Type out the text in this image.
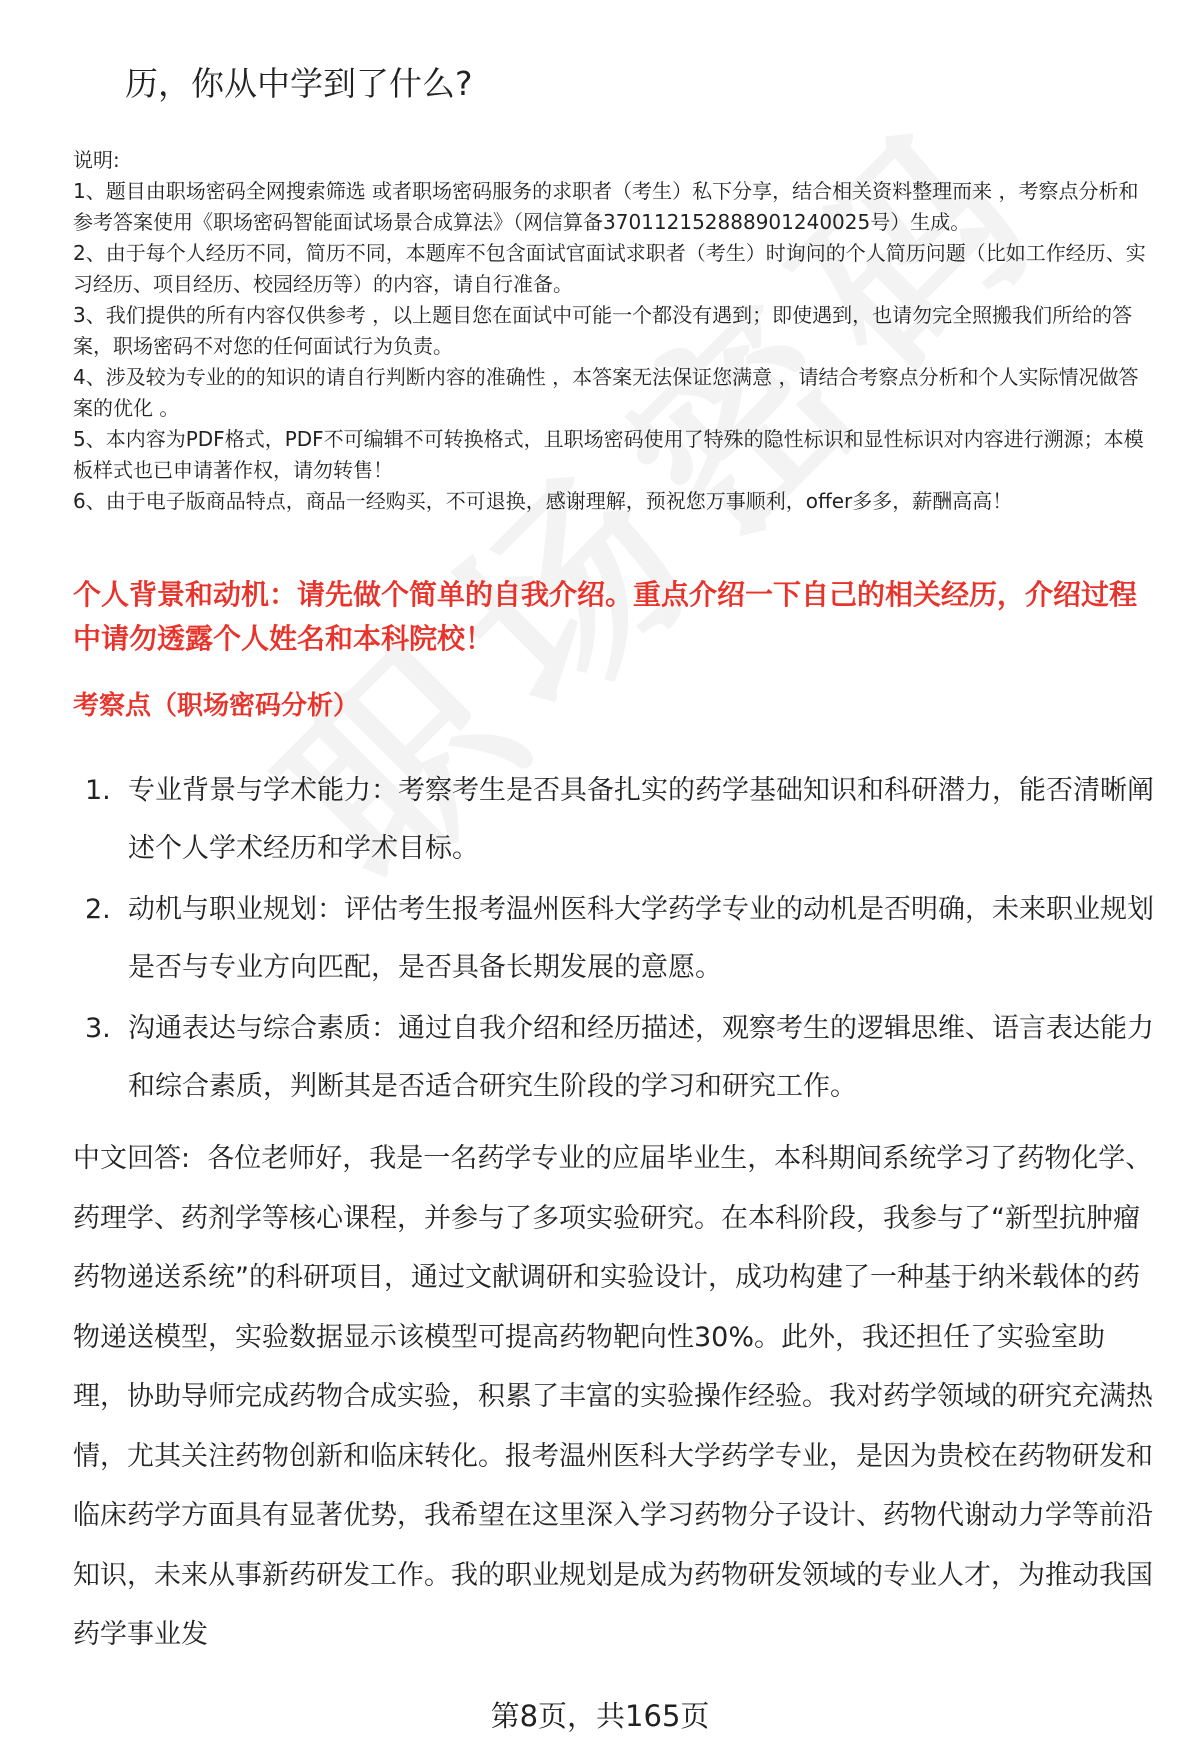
历，你从中学到了什么?

说明:

1、题目由职场密码全网搜索筛选 或者职场密码服务的求职者（考生）私下分享，结合相关资料整理而来 ，考察点分析和参考答案使用《职场密码智能面试场景合成算法》（网信算备370112152888901240025号）生成。

2、由于每个人经历不同，简历不同，本题库不包含面试官面试求职者（考生）时询问的个人简历问题（比如工作经历、实习经历、项目经历、校园经历等）的内容，请自行准备。

3、我们提供的所有内容仅供参考 ，以上题目您在面试中可能一个都没有遇到；即使遇到，也请勿完全照搬我们所给的答案，职场密码不对您的任何面试行为负责。

4、涉及较为专业的的知识的请自行判断内容的准确性 ，本答案无法保证您满意 ，请结合考察点分析和个人实际情况做答案的优化 。

5、本内容为PDF格式，PDF不可编辑不可转换格式，且职场密码使用了特殊的隐性标识和显性标识对内容进行溯源；本模板样式也已申请著作权，请勿转售！

6、由于电子版商品特点，商品一经购买，不可退换，感谢理解，预祝您万事顺利，offer多多，薪酬高高！

个人背景和动机：请先做个简单的自我介绍。重点介绍一下自己的相关经历，介绍过程中请勿透露个人姓名和本科院校！
考察点（职场密码分析）
1. 专业背景与学术能力：考察考生是否具备扎实的药学基础知识和科研潜力，能否清晰阐述个人学术经历和学术目标。
2. 动机与职业规划：评估考生报考温州医科大学药学专业的动机是否明确，未来职业规划是否与专业方向匹配，是否具备长期发展的意愿。
3. 沟通表达与综合素质：通过自我介绍和经历描述，观察考生的逻辑思维、语言表达能力和综合素质，判断其是否适合研究生阶段的学习和研究工作。

中文回答: 各位老师好，我是一名药学专业的应届毕业生，本科期间系统学习了药物化学、药理学、药剂学等核心课程，并参与了多项实验研究。在本科阶段，我参与了“新型抗肿瘤药物递送系统”的科研项目，通过文献调研和实验设计，成功构建了一种基于纳米载体的药物递送模型，实验数据显示该模型可提高药物靶向性30%。此外，我还担任了实验室助理，协助导师完成药物合成实验，积累了丰富的实验操作经验。我对药学领域的研究充满热情，尤其关注药物创新和临床转化。报考温州医科大学药学专业，是因为贵校在药物研发和临床药学方面具有显著优势，我希望在这里深入学习药物分子设计、药物代谢动力学等前沿知识，未来从事新药研发工作。我的职业规划是成为药物研发领域的专业人才，为推动我国药学事业发

第8页，共165页
